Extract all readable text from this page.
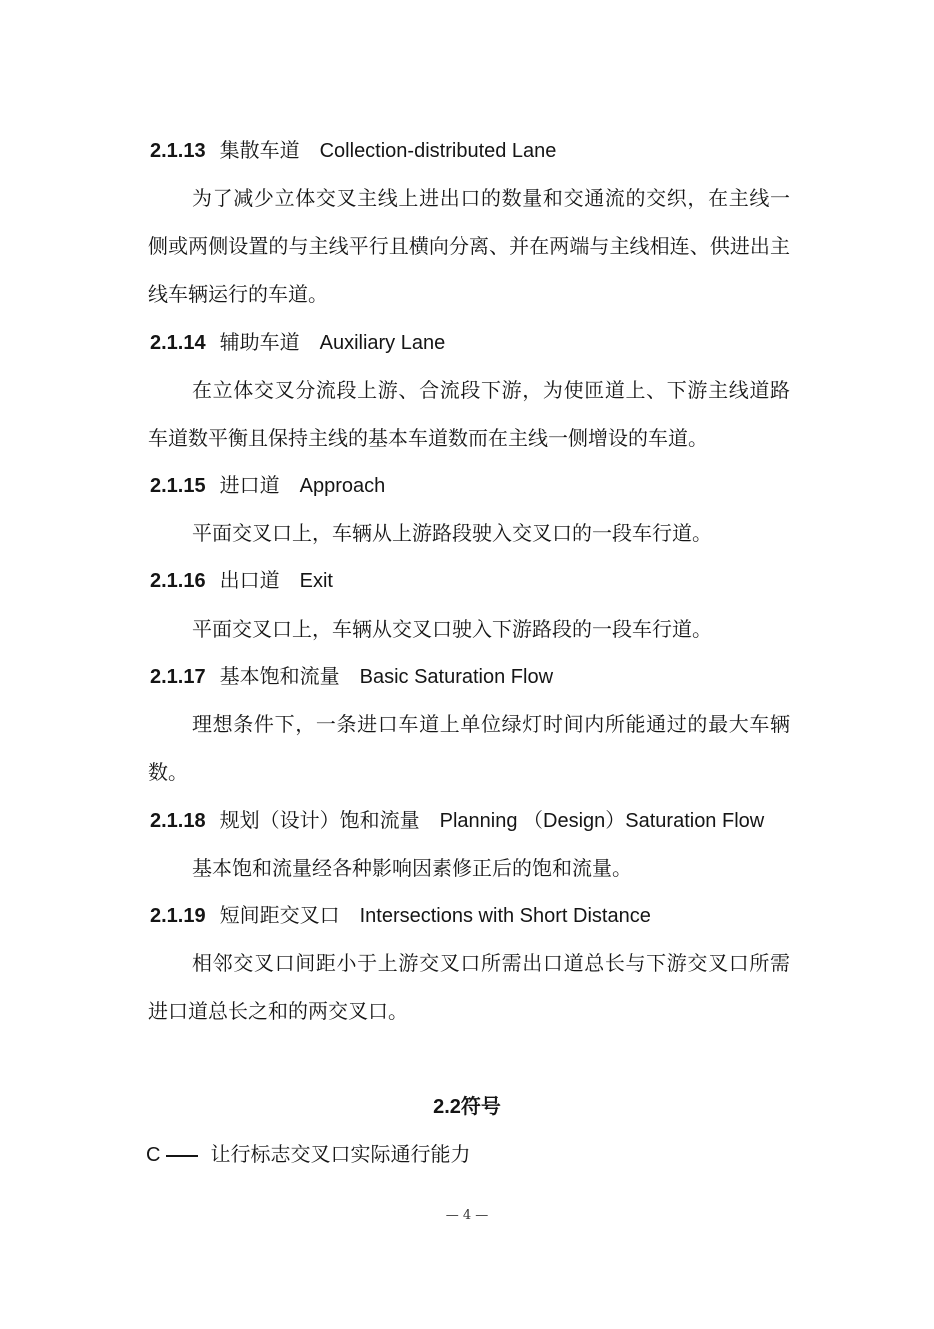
2.1.13 集散车道 Collection-distributed Lane

为了减少立体交叉主线上进出口的数量和交通流的交织，在主线一侧或两侧设置的与主线平行且横向分离、并在两端与主线相连、供进出主线车辆运行的车道。

2.1.14 辅助车道 Auxiliary Lane

在立体交叉分流段上游、合流段下游，为使匝道上、下游主线道路车道数平衡且保持主线的基本车道数而在主线一侧增设的车道。

2.1.15 进口道 Approach

平面交叉口上，车辆从上游路段驶入交叉口的一段车行道。

2.1.16 出口道 Exit

平面交叉口上，车辆从交叉口驶入下游路段的一段车行道。

2.1.17 基本饱和流量 Basic Saturation Flow

理想条件下，一条进口车道上单位绿灯时间内所能通过的最大车辆数。

2.1.18 规划（设计）饱和流量 Planning （Design）Saturation Flow

基本饱和流量经各种影响因素修正后的饱和流量。

2.1.19 短间距交叉口 Intersections with Short Distance

相邻交叉口间距小于上游交叉口所需出口道总长与下游交叉口所需进口道总长之和的两交叉口。

2.2符号
C	让行标志交叉口实际通行能力
— 4 —
